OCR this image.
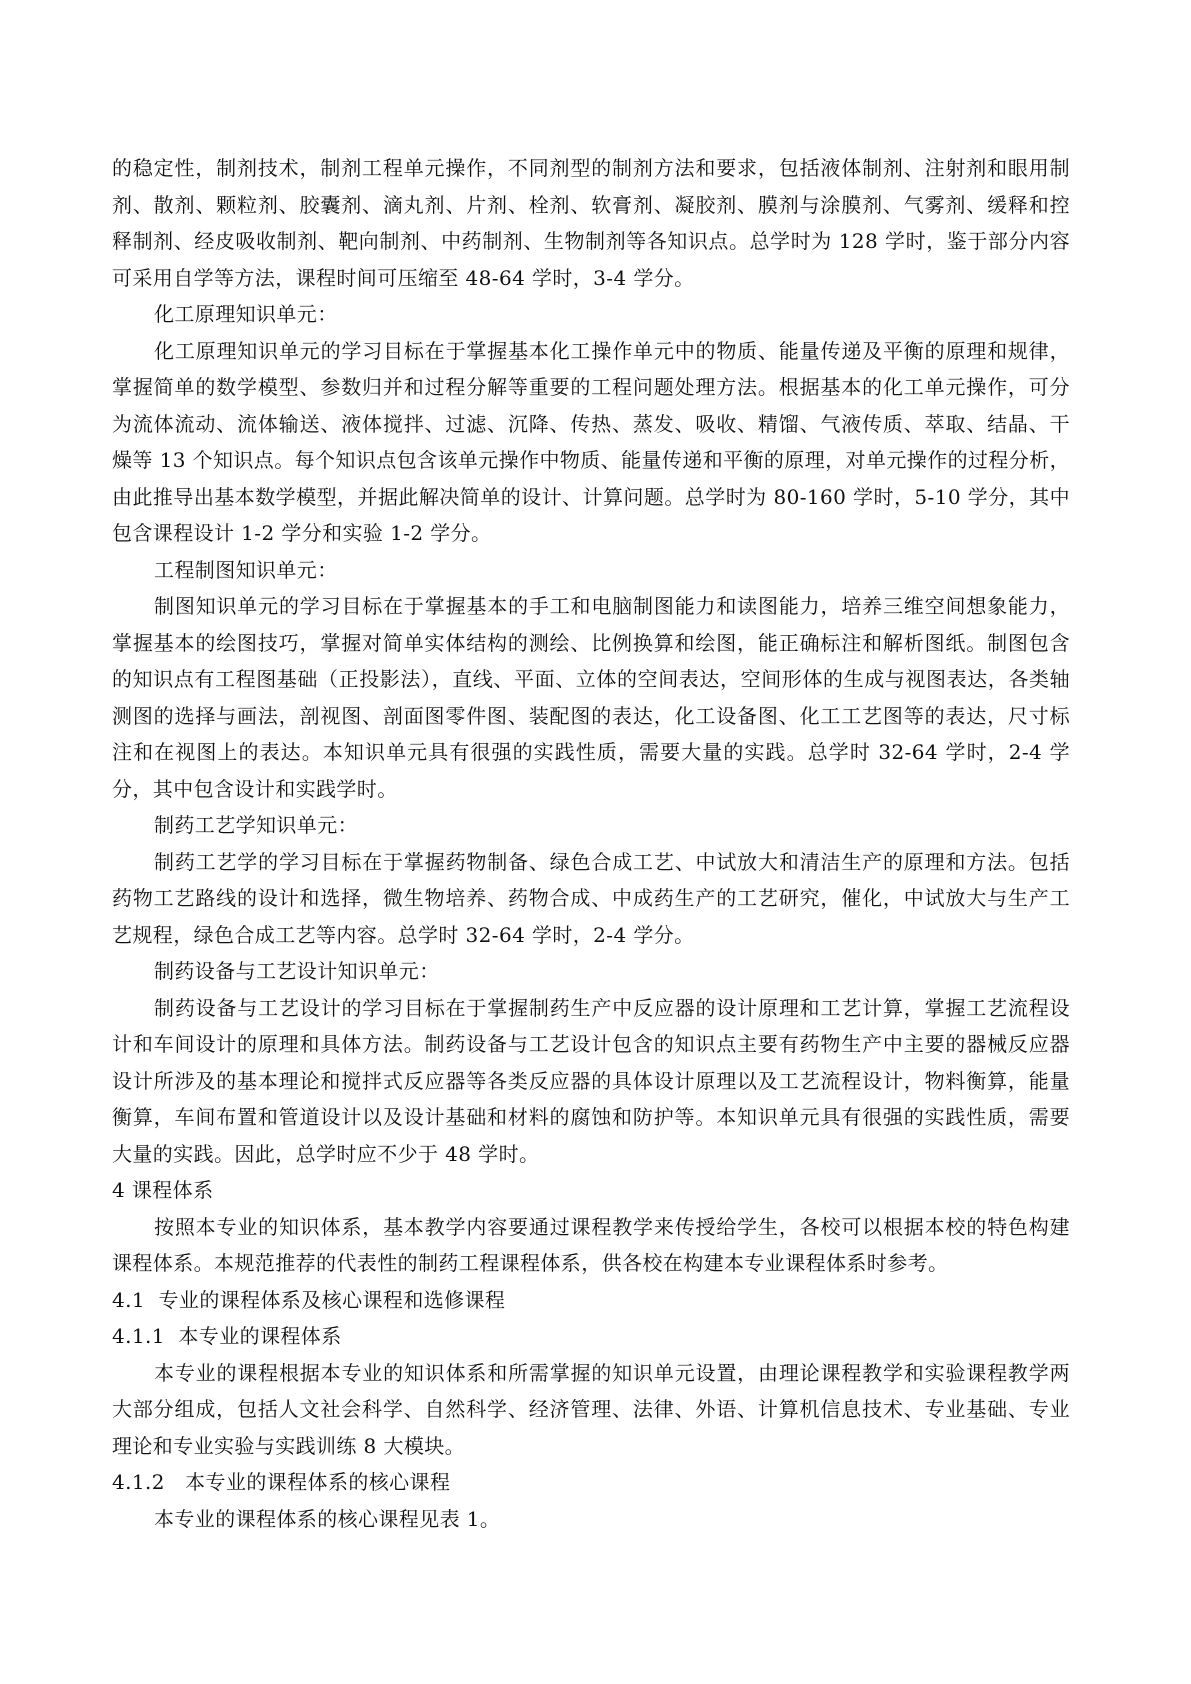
的稳定性，制剂技术，制剂工程单元操作，不同剂型的制剂方法和要求，包括液体制剂、注射剂和眼用制剂、散剂、颗粒剂、胶囊剂、滴丸剂、片剂、栓剂、软膏剂、凝胶剂、膜剂与涂膜剂、气雾剂、缓释和控释制剂、经皮吸收制剂、靶向制剂、中药制剂、生物制剂等各知识点。总学时为 128 学时，鉴于部分内容可采用自学等方法，课程时间可压缩至 48-64 学时，3-4 学分。

化工原理知识单元：

化工原理知识单元的学习目标在于掌握基本化工操作单元中的物质、能量传递及平衡的原理和规律，掌握简单的数学模型、参数归并和过程分解等重要的工程问题处理方法。根据基本的化工单元操作，可分为流体流动、流体输送、液体搅拌、过滤、沉降、传热、蒸发、吸收、精馏、气液传质、萃取、结晶、干燥等 13 个知识点。每个知识点包含该单元操作中物质、能量传递和平衡的原理，对单元操作的过程分析，由此推导出基本数学模型，并据此解决简单的设计、计算问题。总学时为 80-160 学时，5-10 学分，其中包含课程设计 1-2 学分和实验 1-2 学分。

工程制图知识单元：

制图知识单元的学习目标在于掌握基本的手工和电脑制图能力和读图能力，培养三维空间想象能力，掌握基本的绘图技巧，掌握对简单实体结构的测绘、比例换算和绘图，能正确标注和解析图纸。制图包含的知识点有工程图基础（正投影法），直线、平面、立体的空间表达，空间形体的生成与视图表达，各类轴测图的选择与画法，剖视图、剖面图零件图、装配图的表达，化工设备图、化工工艺图等的表达，尺寸标注和在视图上的表达。本知识单元具有很强的实践性质，需要大量的实践。总学时 32-64 学时，2-4 学分，其中包含设计和实践学时。

制药工艺学知识单元：

制药工艺学的学习目标在于掌握药物制备、绿色合成工艺、中试放大和清洁生产的原理和方法。包括药物工艺路线的设计和选择，微生物培养、药物合成、中成药生产的工艺研究，催化，中试放大与生产工艺规程，绿色合成工艺等内容。总学时 32-64 学时，2-4 学分。

制药设备与工艺设计知识单元：

制药设备与工艺设计的学习目标在于掌握制药生产中反应器的设计原理和工艺计算，掌握工艺流程设计和车间设计的原理和具体方法。制药设备与工艺设计包含的知识点主要有药物生产中主要的器械反应器设计所涉及的基本理论和搅拌式反应器等各类反应器的具体设计原理以及工艺流程设计，物料衡算，能量衡算，车间布置和管道设计以及设计基础和材料的腐蚀和防护等。本知识单元具有很强的实践性质，需要大量的实践。因此，总学时应不少于 48 学时。

4 课程体系

按照本专业的知识体系，基本教学内容要通过课程教学来传授给学生，各校可以根据本校的特色构建课程体系。本规范推荐的代表性的制药工程课程体系，供各校在构建本专业课程体系时参考。

4.1  专业的课程体系及核心课程和选修课程

4.1.1  本专业的课程体系

本专业的课程根据本专业的知识体系和所需掌握的知识单元设置，由理论课程教学和实验课程教学两大部分组成，包括人文社会科学、自然科学、经济管理、法律、外语、计算机信息技术、专业基础、专业理论和专业实验与实践训练 8 大模块。

4.1.2   本专业的课程体系的核心课程

本专业的课程体系的核心课程见表 1。
